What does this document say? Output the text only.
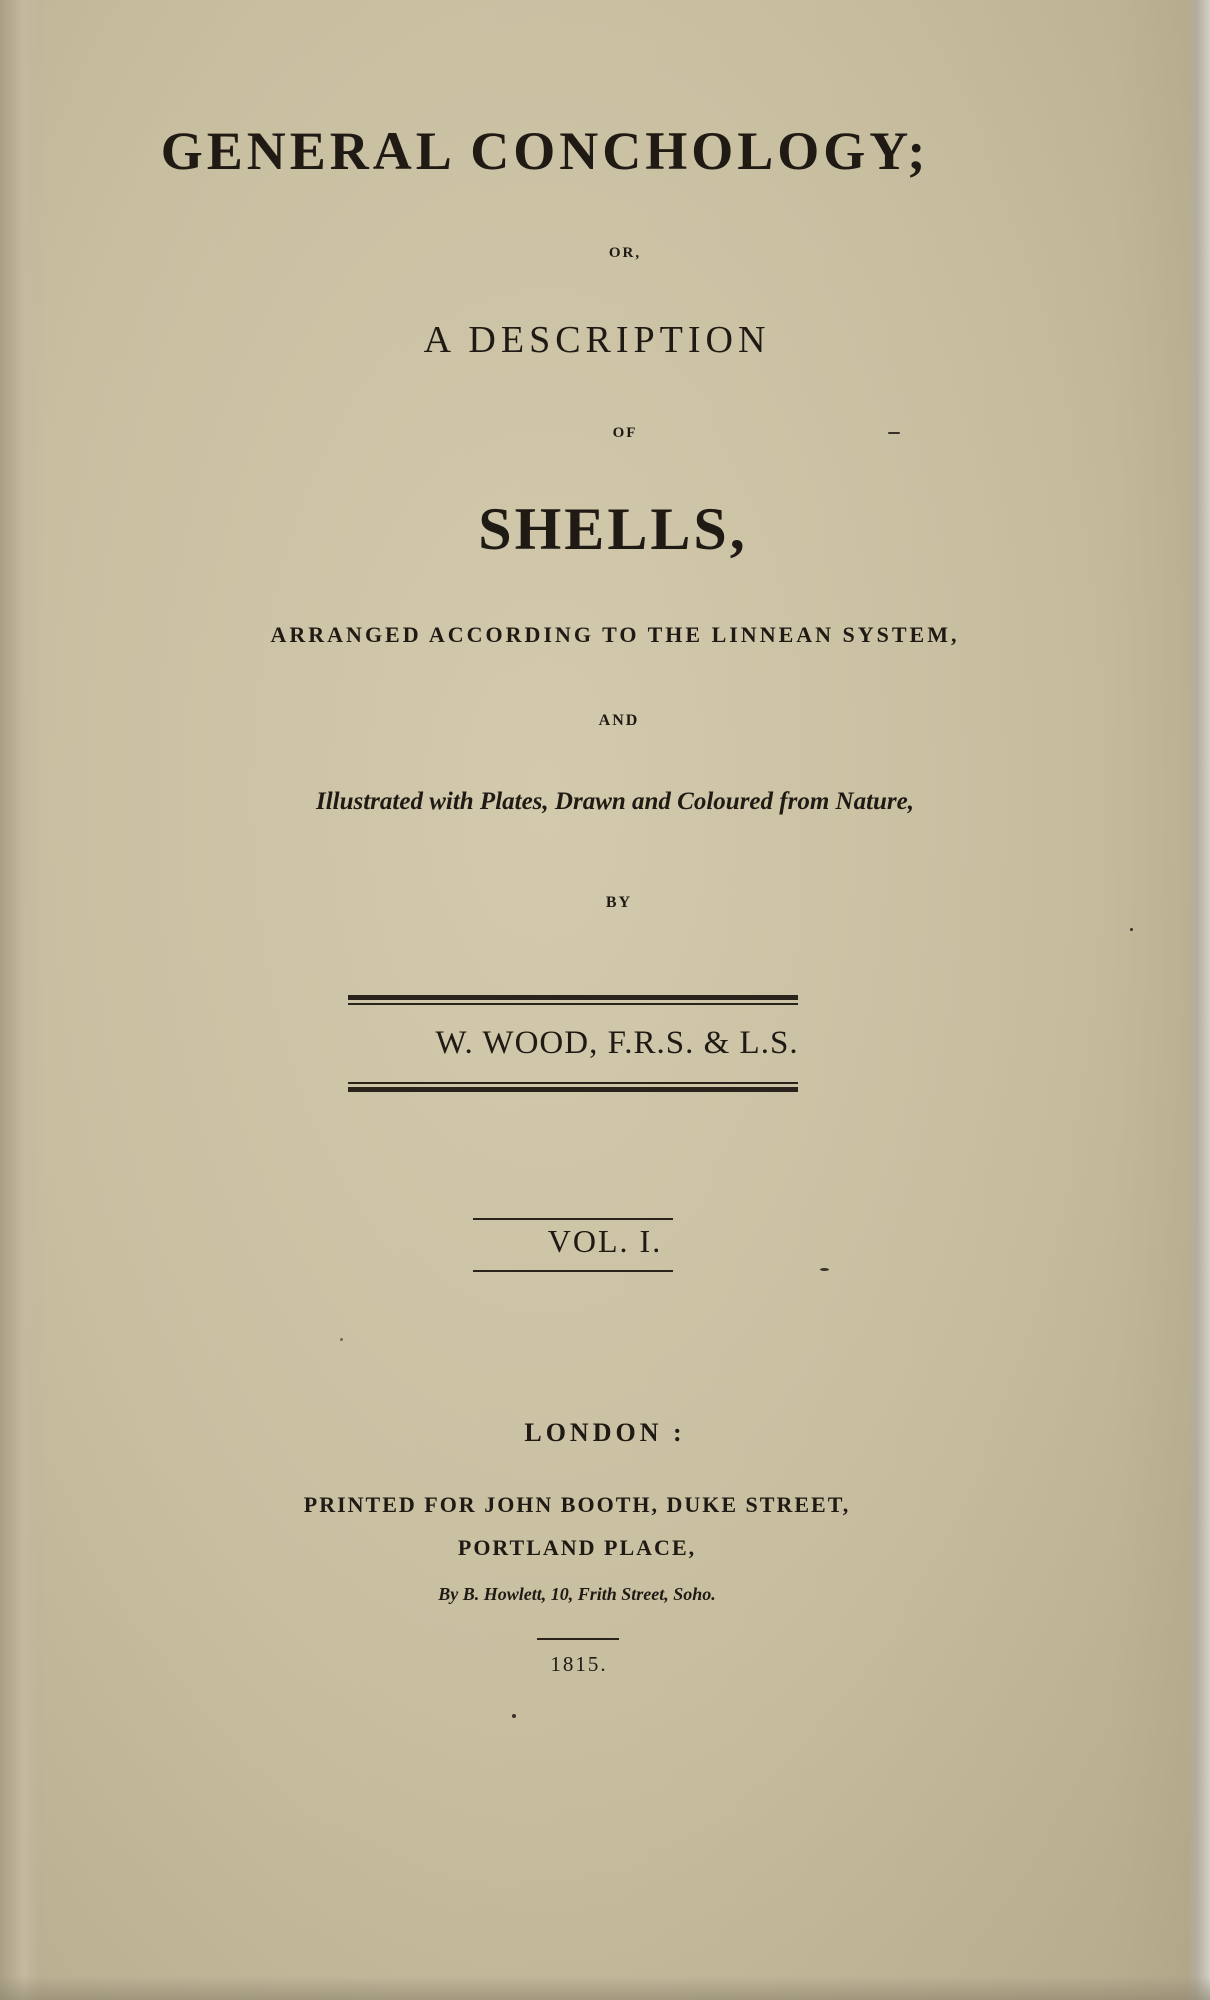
GENERAL CONCHOLOGY;
OR,
A DESCRIPTION
OF
SHELLS,
ARRANGED ACCORDING TO THE LINNEAN SYSTEM,
AND
Illustrated with Plates, Drawn and Coloured from Nature,
BY
W. WOOD, F.R.S. & L.S.
VOL. I.
LONDON :
PRINTED FOR JOHN BOOTH, DUKE STREET,
PORTLAND PLACE,
By B. Howlett, 10, Frith Street, Soho.
1815.
